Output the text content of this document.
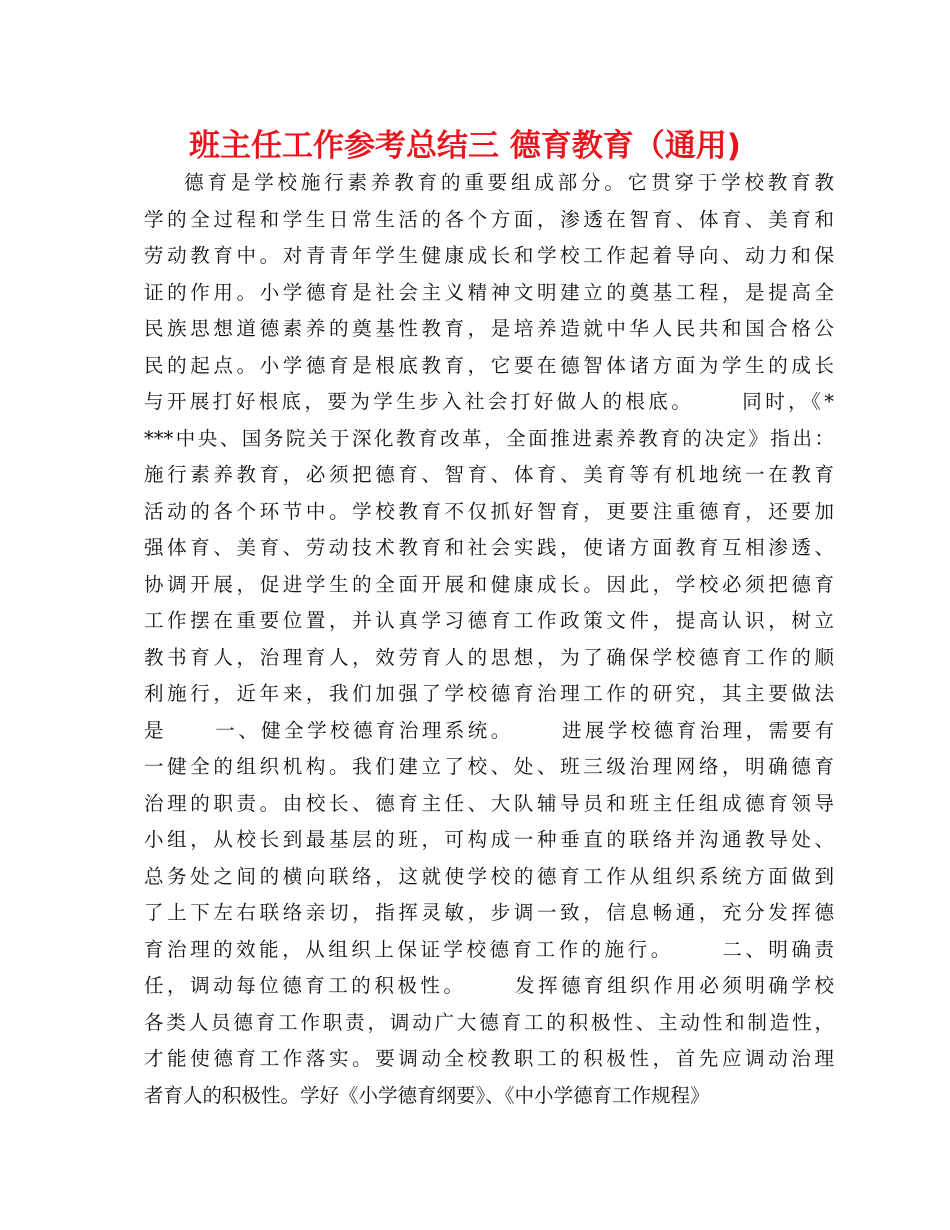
班主任工作参考总结三 德育教育（通用)
德育是学校施行素养教育的重要组成部分。它贯穿于学校教育教
学的全过程和学生日常生活的各个方面，渗透在智育、体育、美育和
劳动教育中。对青青年学生健康成长和学校工作起着导向、动力和保
证的作用。小学德育是社会主义精神文明建立的奠基工程，是提高全
民族思想道德素养的奠基性教育，是培养造就中华人民共和国合格公
民的起点。小学德育是根底教育，它要在德智体诸方面为学生的成长
与开展打好根底，要为学生步入社会打好做人的根底。     同时，《*
***中央、国务院关于深化教育改革，全面推进素养教育的决定》指出：
施行素养教育，必须把德育、智育、体育、美育等有机地统一在教育
活动的各个环节中。学校教育不仅抓好智育，更要注重德育，还要加
强体育、美育、劳动技术教育和社会实践，使诸方面教育互相渗透、
协调开展，促进学生的全面开展和健康成长。因此，学校必须把德育
工作摆在重要位置，并认真学习德育工作政策文件，提高认识，树立
教书育人，治理育人，效劳育人的思想，为了确保学校德育工作的顺
利施行，近年来，我们加强了学校德育治理工作的研究，其主要做法
是     一、健全学校德育治理系统。     进展学校德育治理，需要有
一健全的组织机构。我们建立了校、处、班三级治理网络，明确德育
治理的职责。由校长、德育主任、大队辅导员和班主任组成德育领导
小组，从校长到最基层的班，可构成一种垂直的联络并沟通教导处、
总务处之间的横向联络，这就使学校的德育工作从组织系统方面做到
了上下左右联络亲切，指挥灵敏，步调一致，信息畅通，充分发挥德
育治理的效能，从组织上保证学校德育工作的施行。     二、明确责
任，调动每位德育工的积极性。     发挥德育组织作用必须明确学校
各类人员德育工作职责，调动广大德育工的积极性、主动性和制造性，
才能使德育工作落实。要调动全校教职工的积极性，首先应调动治理
者育人的积极性。学好《小学德育纲要》、《中小学德育工作规程》
